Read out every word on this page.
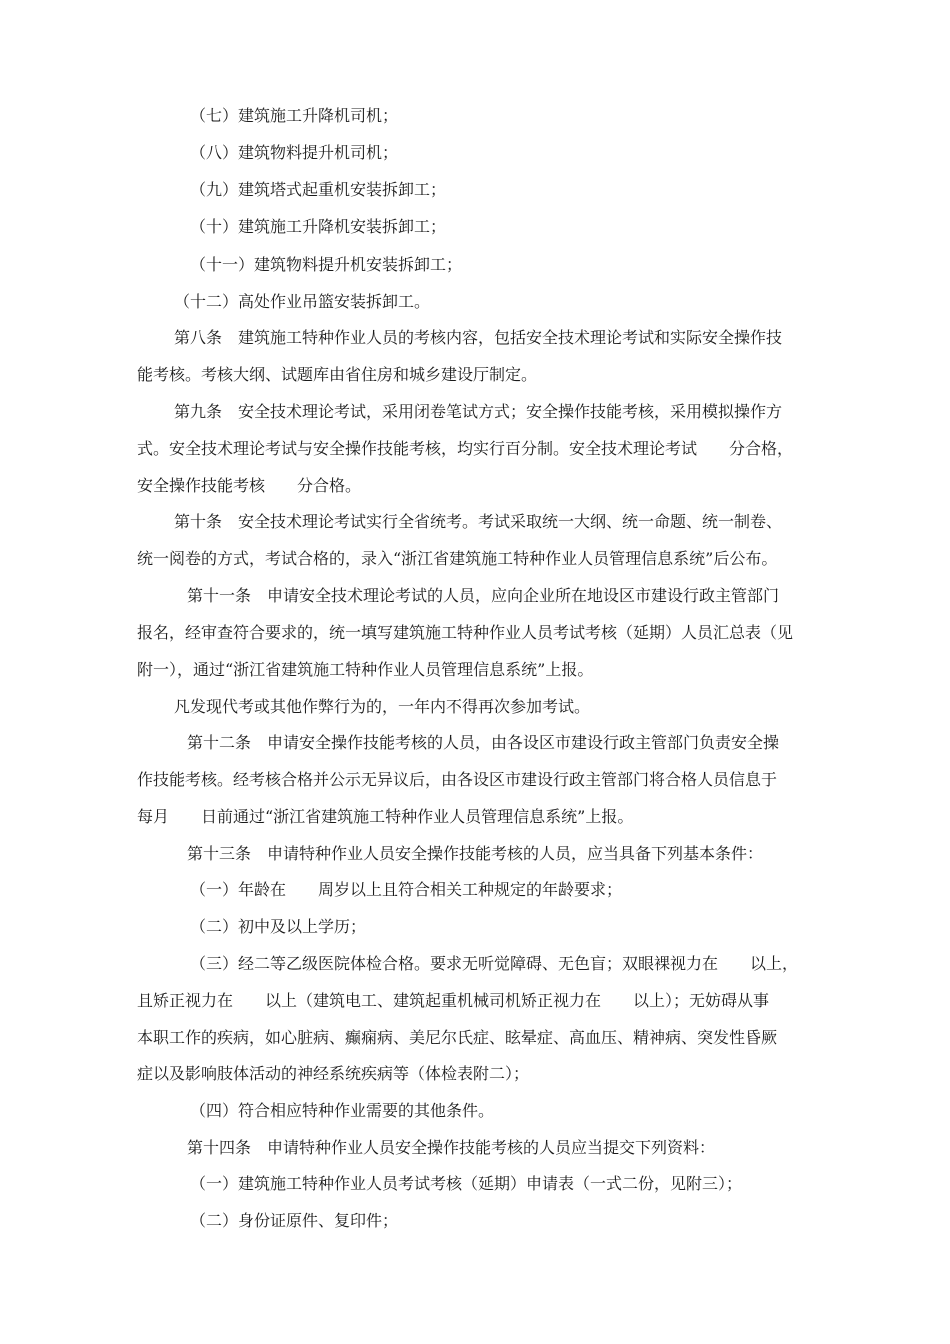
（七）建筑施工升降机司机；
（八）建筑物料提升机司机；
（九）建筑塔式起重机安装拆卸工；
（十）建筑施工升降机安装拆卸工；
（十一）建筑物料提升机安装拆卸工；
（十二）高处作业吊篮安装拆卸工。
第八条　建筑施工特种作业人员的考核内容，包括安全技术理论考试和实际安全操作技
能考核。考核大纲、试题库由省住房和城乡建设厅制定。
第九条　安全技术理论考试，采用闭卷笔试方式；安全操作技能考核，采用模拟操作方
式。安全技术理论考试与安全操作技能考核，均实行百分制。安全技术理论考试　　分合格，
安全操作技能考核　　分合格。
第十条　安全技术理论考试实行全省统考。考试采取统一大纲、统一命题、统一制卷、
统一阅卷的方式，考试合格的，录入“浙江省建筑施工特种作业人员管理信息系统”后公布。
第十一条　申请安全技术理论考试的人员，应向企业所在地设区市建设行政主管部门
报名，经审查符合要求的，统一填写建筑施工特种作业人员考试考核（延期）人员汇总表（见
附一），通过“浙江省建筑施工特种作业人员管理信息系统”上报。
凡发现代考或其他作弊行为的，一年内不得再次参加考试。
第十二条　申请安全操作技能考核的人员，由各设区市建设行政主管部门负责安全操
作技能考核。经考核合格并公示无异议后，由各设区市建设行政主管部门将合格人员信息于
每月　　日前通过“浙江省建筑施工特种作业人员管理信息系统”上报。
第十三条　申请特种作业人员安全操作技能考核的人员，应当具备下列基本条件：
（一）年龄在　　周岁以上且符合相关工种规定的年龄要求；
（二）初中及以上学历；
（三）经二等乙级医院体检合格。要求无听觉障碍、无色盲；双眼裸视力在　　以上，
且矫正视力在　　以上（建筑电工、建筑起重机械司机矫正视力在　　以上）；无妨碍从事
本职工作的疾病，如心脏病、癫痫病、美尼尔氏症、眩晕症、高血压、精神病、突发性昏厥
症以及影响肢体活动的神经系统疾病等（体检表附二）；
（四）符合相应特种作业需要的其他条件。
第十四条　申请特种作业人员安全操作技能考核的人员应当提交下列资料：
（一）建筑施工特种作业人员考试考核（延期）申请表（一式二份，见附三）；
（二）身份证原件、复印件；
